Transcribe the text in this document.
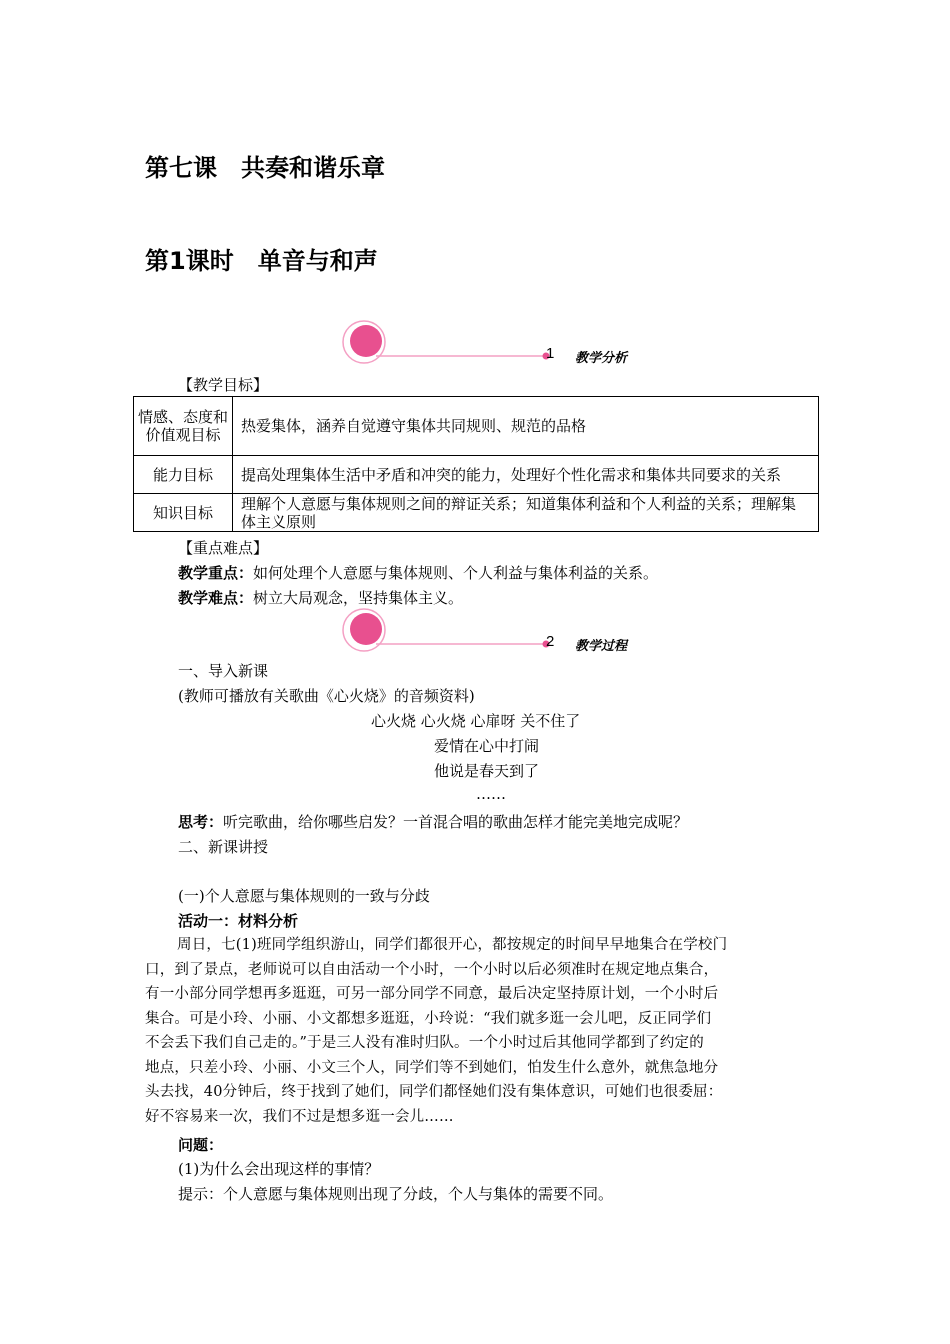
第七课　共奏和谐乐章
第1课时　单音与和声
1 教学分析
【教学目标】
情感、态度和价值观目标	热爱集体，涵养自觉遵守集体共同规则、规范的品格
能力目标	提高处理集体生活中矛盾和冲突的能力，处理好个性化需求和集体共同要求的关系
知识目标	理解个人意愿与集体规则之间的辩证关系；知道集体利益和个人利益的关系；理解集体主义原则
【重点难点】
教学重点：如何处理个人意愿与集体规则、个人利益与集体利益的关系。
教学难点：树立大局观念，坚持集体主义。
2 教学过程
一、导入新课
(教师可播放有关歌曲《心火烧》的音频资料)
心火烧 心火烧 心扉呀 关不住了
爱情在心中打闹
他说是春天到了
……
思考：听完歌曲，给你哪些启发？一首混合唱的歌曲怎样才能完美地完成呢？
二、新课讲授
(一)个人意愿与集体规则的一致与分歧
活动一：材料分析
周日，七(1)班同学组织游山，同学们都很开心，都按规定的时间早早地集合在学校门
口，到了景点，老师说可以自由活动一个小时，一个小时以后必须准时在规定地点集合，
有一小部分同学想再多逛逛，可另一部分同学不同意，最后决定坚持原计划，一个小时后
集合。可是小玲、小丽、小文都想多逛逛，小玲说：“我们就多逛一会儿吧，反正同学们
不会丢下我们自己走的。”于是三人没有准时归队。一个小时过后其他同学都到了约定的
地点，只差小玲、小丽、小文三个人，同学们等不到她们，怕发生什么意外，就焦急地分
头去找，40分钟后，终于找到了她们，同学们都怪她们没有集体意识，可她们也很委屈：
好不容易来一次，我们不过是想多逛一会儿……
问题：
(1)为什么会出现这样的事情？
提示：个人意愿与集体规则出现了分歧，个人与集体的需要不同。
